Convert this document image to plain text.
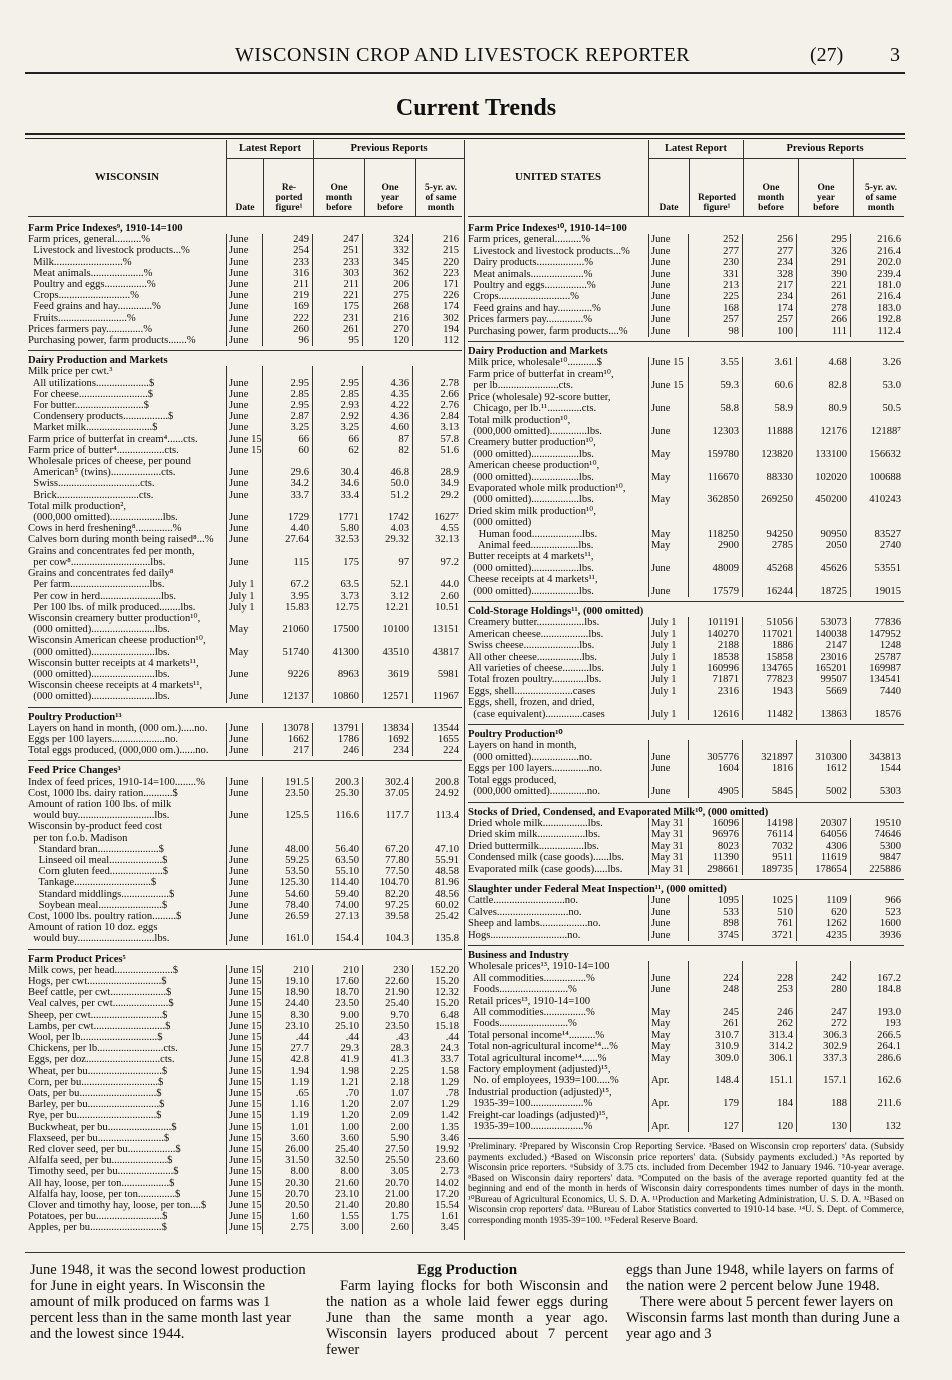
WISCONSIN CROP AND LIVESTOCK REPORTER	(27) 3
Current Trends
WISCONSIN
Latest Report
Date
Re-
ported
figure¹
Previous Reports
One
month
before
One
year
before
5-yr. av.
of same
month
Farm Price Indexes⁹, 1910-14=100
Farm prices, general..........%	June	249	247	324	216
Livestock and livestock products...%	June	254	251	332	215
Milk..........................%	June	233	233	345	220
Meat animals....................%	June	316	303	362	223
Poultry and eggs................%	June	211	211	206	171
Crops...........................%	June	219	221	275	226
Feed grains and hay.............%	June	169	175	268	174
Fruits..........................%	June	222	231	216	302
Prices farmers pay..............%	June	260	261	270	194
Purchasing power, farm products.......%	June	96	95	120	112
Dairy Production and Markets
Milk price per cwt.³
All utilizations....................$	June	2.95	2.95	4.36	2.78
For cheese..........................$	June	2.85	2.85	4.35	2.66
For butter..........................$	June	2.95	2.93	4.22	2.76
Condensery products.................$	June	2.87	2.92	4.36	2.84
Market milk.........................$	June	3.25	3.25	4.60	3.13
Farm price of butterfat in cream⁴......cts.	June 15	66	66	87	57.8
Farm price of butter⁴..................cts.	June 15	60	62	82	51.6
Wholesale prices of cheese, per pound
American⁵ (twins)...................cts.	June	29.6	30.4	46.8	28.9
Swiss...............................cts.	June	34.2	34.6	50.0	34.9
Brick...............................cts.	June	33.7	33.4	51.2	29.2
Total milk production²,
(000,000 omitted)....................lbs.	June	1729	1771	1742	1627⁷
Cows in herd freshening⁸..............%	June	4.40	5.80	4.03	4.55
Calves born during month being raised⁸...%	June	27.64	32.53	29.32	32.13
Grains and concentrates fed per month,
per cow⁸..............................lbs.	June	115	175	97	97.2
Grains and concentrates fed daily⁸
Per farm..............................lbs.	July 1	67.2	63.5	52.1	44.0
Per cow in herd.......................lbs.	July 1	3.95	3.73	3.12	2.60
Per 100 lbs. of milk produced........lbs.	July 1	15.83	12.75	12.21	10.51
Wisconsin creamery butter production¹⁰,
(000 omitted)........................lbs.	May	21060	17500	10100	13151
Wisconsin American cheese production¹⁰,
(000 omitted)........................lbs.	May	51740	41300	43510	43817
Wisconsin butter receipts at 4 markets¹¹,
(000 omitted)........................lbs.	June	9226	8963	3619	5981
Wisconsin cheese receipts at 4 markets¹¹,
(000 omitted)........................lbs.	June	12137	10860	12571	11967
Poultry Production¹³
Layers on hand in month, (000 om.).....no.	June	13078	13791	13834	13544
Eggs per 100 layers....................no.	June	1662	1786	1692	1655
Total eggs produced, (000,000 om.)......no.	June	217	246	234	224
Feed Price Changes³
Index of feed prices, 1910-14=100........%	June	191.5	200.3	302.4	200.8
Cost, 1000 lbs. dairy ration...........$	June	23.50	25.30	37.05	24.92
Amount of ration 100 lbs. of milk
would buy.............................lbs.	June	125.5	116.6	117.7	113.4
Wisconsin by-product feed cost
per ton f.o.b. Madison
Standard bran.......................$	June	48.00	56.40	67.20	47.10
Linseed oil meal....................$	June	59.25	63.50	77.80	55.91
Corn gluten feed....................$	June	53.50	55.10	77.50	48.58
Tankage.............................$	June	125.30	114.40	104.70	81.96
Standard middlings..................$	June	54.60	59.40	82.20	48.56
Soybean meal........................$	June	78.40	74.00	97.25	60.02
Cost, 1000 lbs. poultry ration.........$	June	26.59	27.13	39.58	25.42
Amount of ration 10 doz. eggs
would buy.............................lbs.	June	161.0	154.4	104.3	135.8
Farm Product Prices⁵
Milk cows, per head......................$	June 15	210	210	230	152.20
Hogs, per cwt............................$	June 15	19.10	17.60	22.60	15.20
Beef cattle, per cwt.....................$	June 15	18.90	18.70	21.90	12.32
Veal calves, per cwt.....................$	June 15	24.40	23.50	25.40	15.20
Sheep, per cwt...........................$	June 15	8.30	9.00	9.70	6.48
Lambs, per cwt...........................$	June 15	23.10	25.10	23.50	15.18
Wool, per lb.............................$	June 15	.44	.44	.43	.44
Chickens, per lb.........................cts.	June 15	27.7	29.3	28.3	24.3
Eggs, per doz............................cts.	June 15	42.8	41.9	41.3	33.7
Wheat, per bu............................$	June 15	1.94	1.98	2.25	1.58
Corn, per bu.............................$	June 15	1.19	1.21	2.18	1.29
Oats, per bu.............................$	June 15	.65	.70	1.07	.78
Barley, per bu...........................$	June 15	1.16	1.20	2.07	1.29
Rye, per bu..............................$	June 15	1.19	1.20	2.09	1.42
Buckwheat, per bu........................$	June 15	1.01	1.00	2.00	1.35
Flaxseed, per bu.........................$	June 15	3.60	3.60	5.90	3.46
Red clover seed, per bu..................$	June 15	26.00	25.40	27.50	19.92
Alfalfa seed, per bu.....................$	June 15	31.50	32.50	25.50	23.60
Timothy seed, per bu.....................$	June 15	8.00	8.00	3.05	2.73
All hay, loose, per ton..................$	June 15	20.30	21.60	20.70	14.02
Alfalfa hay, loose, per ton..............$	June 15	20.70	23.10	21.00	17.20
Clover and timothy hay, loose, per ton....$	June 15	20.50	21.40	20.80	15.54
Potatoes, per bu.........................$	June 15	1.60	1.55	1.75	1.61
Apples, per bu...........................$	June 15	2.75	3.00	2.60	3.45
UNITED STATES
Latest Report
Date
Reported
figure¹
Previous Reports
One
month
before
One
year
before
5-yr. av.
of same
month
Farm Price Indexes¹⁰, 1910-14=100
Farm prices, general..........%	June	252	256	295	216.6
Livestock and livestock products...%	June	277	277	326	216.4
Dairy products..................%	June	230	234	291	202.0
Meat animals....................%	June	331	328	390	239.4
Poultry and eggs................%	June	213	217	221	181.0
Crops...........................%	June	225	234	261	216.4
Feed grains and hay.............%	June	168	174	278	183.0
Prices farmers pay..............%	June	257	257	266	192.8
Purchasing power, farm products....%	June	98	100	111	112.4
Dairy Production and Markets
Milk price, wholesale¹⁰...........$	June 15	3.55	3.61	4.68	3.26
Farm price of butterfat in cream¹⁰,
per lb.......................cts.	June 15	59.3	60.6	82.8	53.0
Price (wholesale) 92-score butter,
Chicago, per lb.¹¹.............cts.	June	58.8	58.9	80.9	50.5
Total milk production¹⁰,
(000,000 omitted)..............lbs.	June	12303	11888	12176	12188⁷
Creamery butter production¹⁰,
(000 omitted)..................lbs.	May	159780	123820	133100	156632
American cheese production¹⁰,
(000 omitted)..................lbs.	May	116670	88330	102020	100688
Evaporated whole milk production¹⁰,
(000 omitted)..................lbs.	May	362850	269250	450200	410243
Dried skim milk production¹⁰,
(000 omitted)
Human food...................lbs.	May	118250	94250	90950	83527
Animal feed..................lbs.	May	2900	2785	2050	2740
Butter receipts at 4 markets¹¹,
(000 omitted)..................lbs.	June	48009	45268	45626	53551
Cheese receipts at 4 markets¹¹,
(000 omitted)..................lbs.	June	17579	16244	18725	19015
Cold-Storage Holdings¹¹, (000 omitted)
Creamery butter..................lbs.	July 1	101191	51056	53073	77836
American cheese..................lbs.	July 1	140270	117021	140038	147952
Swiss cheese.....................lbs.	July 1	2188	1886	2147	1248
All other cheese.................lbs.	July 1	18538	15858	23016	25787
All varieties of cheese..........lbs.	July 1	160996	134765	165201	169987
Total frozen poultry.............lbs.	July 1	71871	77823	99507	134541
Eggs, shell......................cases	July 1	2316	1943	5669	7440
Eggs, shell, frozen, and dried,
(case equivalent)..............cases	July 1	12616	11482	13863	18576
Poultry Production¹⁰
Layers on hand in month,
(000 omitted)..................no.	June	305776	321897	310300	343813
Eggs per 100 layers..............no.	June	1604	1816	1612	1544
Total eggs produced,
(000,000 omitted)..............no.	June	4905	5845	5002	5303
Stocks of Dried, Condensed, and Evaporated Milk¹⁰, (000 omitted)
Dried whole milk.................lbs.	May 31	16096	14198	20307	19510
Dried skim milk..................lbs.	May 31	96976	76114	64056	74646
Dried buttermilk.................lbs.	May 31	8023	7032	4306	5300
Condensed milk (case goods)......lbs.	May 31	11390	9511	11619	9847
Evaporated milk (case goods).....lbs.	May 31	298661	189735	178654	225886
Slaughter under Federal Meat Inspection¹¹, (000 omitted)
Cattle...........................no.	June	1095	1025	1109	966
Calves...........................no.	June	533	510	620	523
Sheep and lambs..................no.	June	898	761	1262	1600
Hogs.............................no.	June	3745	3721	4235	3936
Business and Industry
Wholesale prices¹³, 1910-14=100
All commodities................%	June	224	228	242	167.2
Foods..........................%	June	248	253	280	184.8
Retail prices¹³, 1910-14=100
All commodities................%	May	245	246	247	193.0
Foods..........................%	May	261	262	272	193
Total personal income¹⁴..........%	May	310.7	313.4	306.3	266.5
Total non-agricultural income¹⁴...%	May	310.9	314.2	302.9	264.1
Total agricultural income¹⁴......%	May	309.0	306.1	337.3	286.6
Factory employment (adjusted)¹⁵,
No. of employees, 1939=100.....%	Apr.	148.4	151.1	157.1	162.6
Industrial production (adjusted)¹⁵,
1935-39=100....................%	Apr.	179	184	188	211.6
Freight-car loadings (adjusted)¹⁵,
1935-39=100....................%	Apr.	127	120	130	132
¹Preliminary. ²Prepared by Wisconsin Crop Reporting Service. ³Based on Wisconsin crop reporters' data. (Subsidy payments excluded.) ⁴Based on Wisconsin price reporters' data. (Subsidy payments excluded.) ⁵As reported by Wisconsin price reporters. ⁶Subsidy of 3.75 cts. included from December 1942 to January 1946. ⁷10-year average. ⁸Based on Wisconsin dairy reporters' data. ⁹Computed on the basis of the average reported quantity fed at the beginning and end of the month in herds of Wisconsin dairy correspondents times number of days in the month. ¹⁰Bureau of Agricultural Economics, U. S. D. A. ¹¹Production and Marketing Administration, U. S. D. A. ¹²Based on Wisconsin crop reporters' data. ¹³Bureau of Labor Statistics converted to 1910-14 base. ¹⁴U. S. Dept. of Commerce, corresponding month 1935-39=100. ¹⁵Federal Reserve Board.

June 1948, it was the second lowest production for June in eight years. In Wisconsin the amount of milk produced on farms was 1 percent less than in the same month last year and the lowest since 1944.

Egg Production

Farm laying flocks for both Wisconsin and the nation as a whole laid fewer eggs during June than the same month a year ago. Wisconsin layers produced about 7 percent fewer

eggs than June 1948, while layers on farms of the nation were 2 percent below June 1948.

There were about 5 percent fewer layers on Wisconsin farms last month than during June a year ago and 3
